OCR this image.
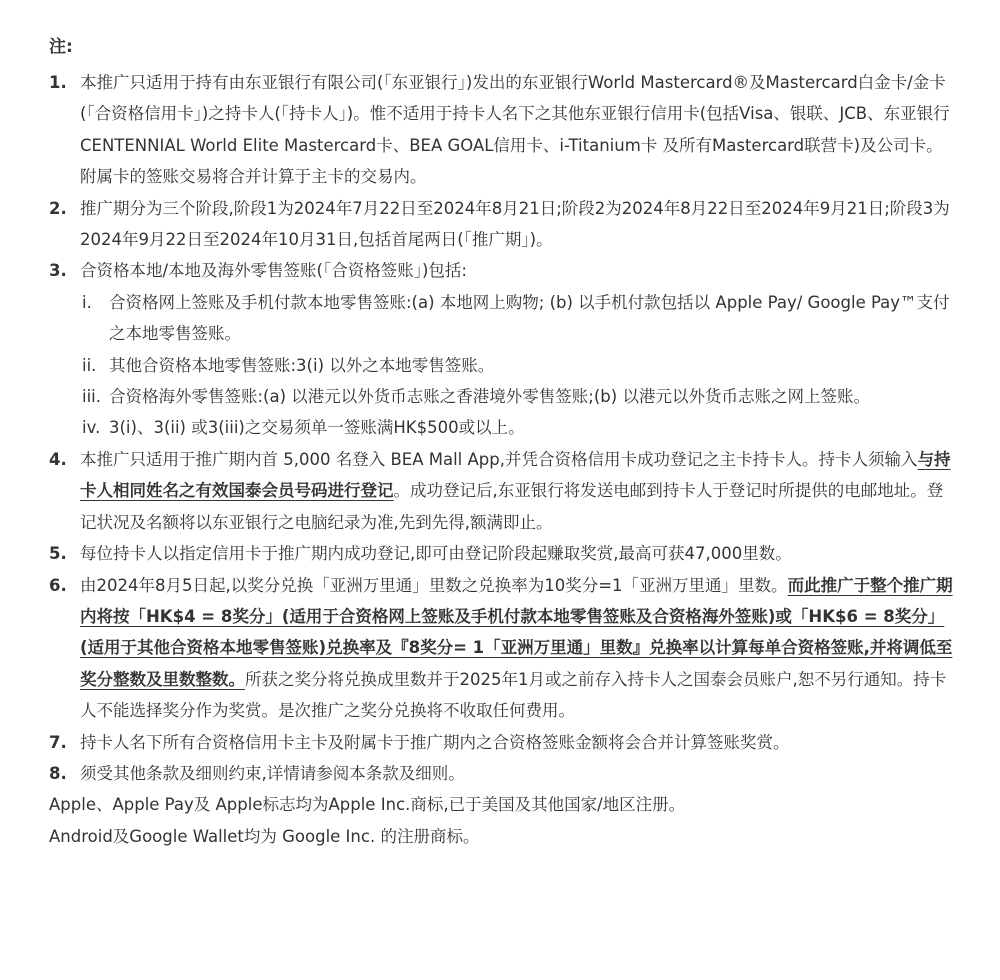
注:
1. 本推广只适用于持有由东亚银行有限公司(「东亚银行」)发出的东亚银行World Mastercard®及Mastercard白金卡/金卡(「合资格信用卡」)之持卡人(「持卡人」)。惟不适用于持卡人名下之其他东亚银行信用卡(包括Visa、银联、JCB、东亚银行CENTENNIAL World Elite Mastercard卡、BEA GOAL信用卡、i-Titanium卡 及所有Mastercard联营卡)及公司卡。附属卡的签账交易将合并计算于主卡的交易内。
2. 推广期分为三个阶段,阶段1为2024年7月22日至2024年8月21日;阶段2为2024年8月22日至2024年9月21日;阶段3为2024年9月22日至2024年10月31日,包括首尾两日(「推广期」)。
3. 合资格本地/本地及海外零售签账(「合资格签账」)包括:
i. 合资格网上签账及手机付款本地零售签账:(a) 本地网上购物; (b) 以手机付款包括以 Apple Pay/ Google Pay™支付之本地零售签账。
ii. 其他合资格本地零售签账:3(i) 以外之本地零售签账。
iii. 合资格海外零售签账:(a) 以港元以外货币志账之香港境外零售签账;(b) 以港元以外货币志账之网上签账。
iv. 3(i)、3(ii) 或3(iii)之交易须单一签账满HK$500或以上。
4. 本推广只适用于推广期内首 5,000 名登入 BEA Mall App,并凭合资格信用卡成功登记之主卡持卡人。持卡人须输入与持卡人相同姓名之有效国泰会员号码进行登记。成功登记后,东亚银行将发送电邮到持卡人于登记时所提供的电邮地址。登记状况及名额将以东亚银行之电脑纪录为准,先到先得,额满即止。
5. 每位持卡人以指定信用卡于推广期内成功登记,即可由登记阶段起赚取奖赏,最高可获47,000里数。
6. 由2024年8月5日起,以奖分兑换「亚洲万里通」里数之兑换率为10奖分=1「亚洲万里通」里数。而此推广于整个推广期内将按「HK$4 = 8奖分」(适用于合资格网上签账及手机付款本地零售签账及合资格海外签账)或「HK$6 = 8奖分」(适用于其他合资格本地零售签账)兑换率及『8奖分= 1「亚洲万里通」里数』兑换率以计算每单合资格签账,并将调低至奖分整数及里数整数。所获之奖分将兑换成里数并于2025年1月或之前存入持卡人之国泰会员账户,恕不另行通知。持卡人不能选择奖分作为奖赏。是次推广之奖分兑换将不收取任何费用。
7. 持卡人名下所有合资格信用卡主卡及附属卡于推广期内之合资格签账金额将会合并计算签账奖赏。
8. 须受其他条款及细则约束,详情请参阅本条款及细则。

Apple、Apple Pay及 Apple标志均为Apple Inc.商标,已于美国及其他国家/地区注册。

Android及Google Wallet均为 Google Inc. 的注册商标。
